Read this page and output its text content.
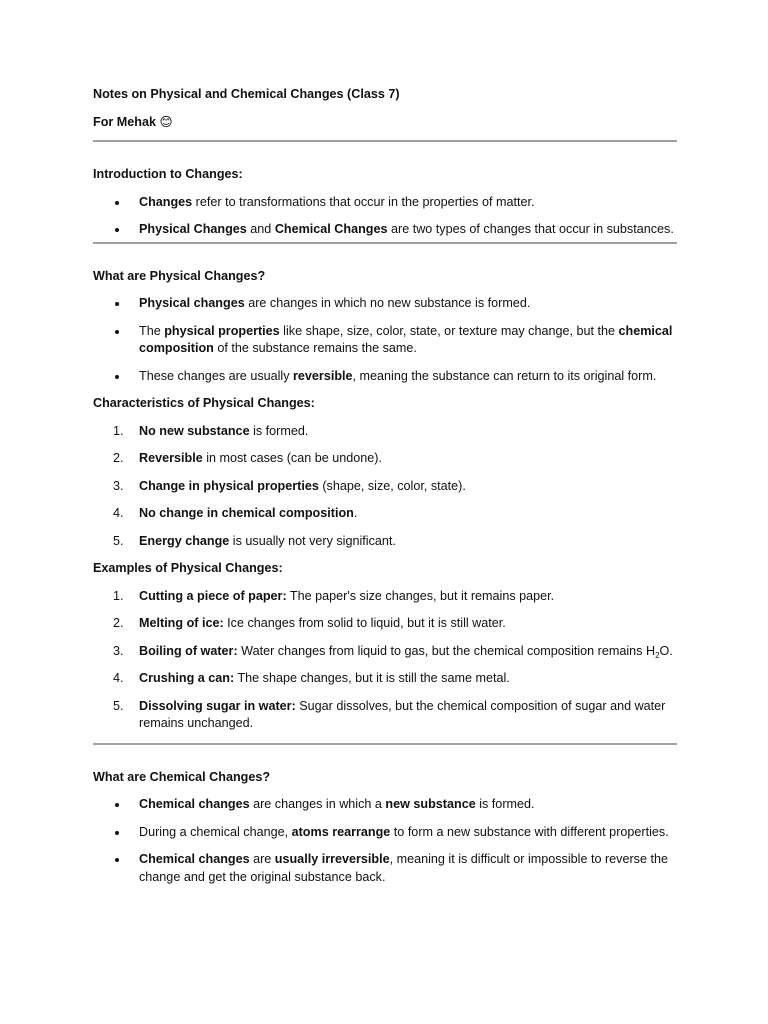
Notes on Physical and Chemical Changes (Class 7)

For Mehak 😊

Introduction to Changes:

Changes refer to transformations that occur in the properties of matter.
Physical Changes and Chemical Changes are two types of changes that occur in substances.

What are Physical Changes?

Physical changes are changes in which no new substance is formed.
The physical properties like shape, size, color, state, or texture may change, but the chemical composition of the substance remains the same.
These changes are usually reversible, meaning the substance can return to its original form.

Characteristics of Physical Changes:

1. No new substance is formed.
2. Reversible in most cases (can be undone).
3. Change in physical properties (shape, size, color, state).
4. No change in chemical composition.
5. Energy change is usually not very significant.

Examples of Physical Changes:

1. Cutting a piece of paper: The paper's size changes, but it remains paper.
2. Melting of ice: Ice changes from solid to liquid, but it is still water.
3. Boiling of water: Water changes from liquid to gas, but the chemical composition remains $H_2O$.
4. Crushing a can: The shape changes, but it is still the same metal.
5. Dissolving sugar in water: Sugar dissolves, but the chemical composition of sugar and water remains unchanged.

What are Chemical Changes?

Chemical changes are changes in which a new substance is formed.
During a chemical change, atoms rearrange to form a new substance with different properties.
Chemical changes are usually irreversible, meaning it is difficult or impossible to reverse the change and get the original substance back.
